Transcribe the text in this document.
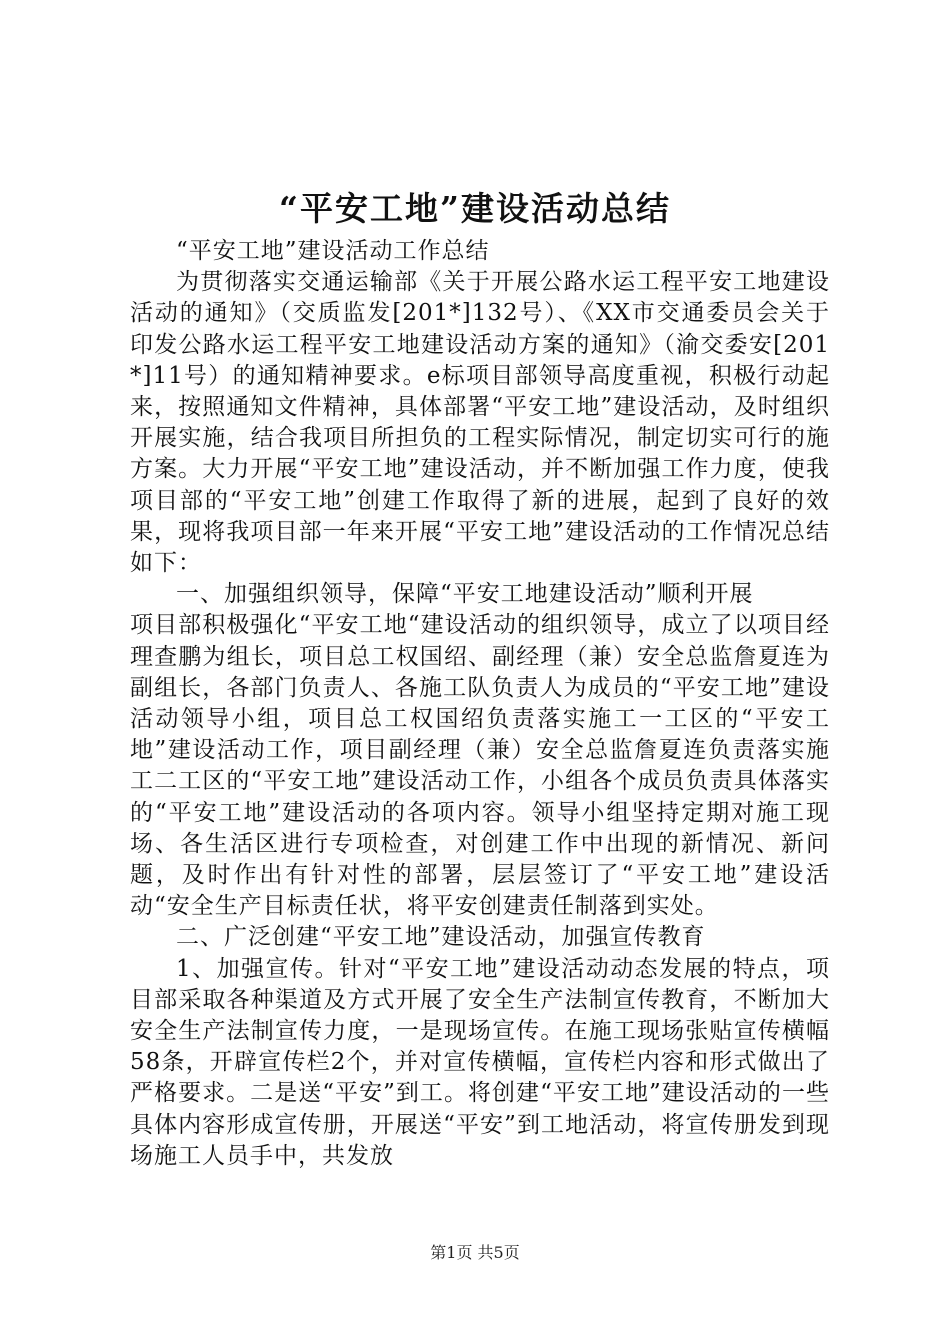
“平安工地”建设活动总结

“平安工地”建设活动工作总结

为贯彻落实交通运输部《关于开展公路水运工程平安工地建设活动的通知》（交质监发[201*]132号）、《XX市交通委员会关于印发公路水运工程平安工地建设活动方案的通知》（渝交委安[201*]11号）的通知精神要求。e标项目部领导高度重视，积极行动起来，按照通知文件精神，具体部署“平安工地”建设活动，及时组织开展实施，结合我项目所担负的工程实际情况，制定切实可行的施方案。大力开展“平安工地”建设活动，并不断加强工作力度，使我项目部的“平安工地”创建工作取得了新的进展，起到了良好的效果，现将我项目部一年来开展“平安工地”建设活动的工作情况总结如下：

一、加强组织领导，保障“平安工地建设活动”顺利开展

项目部积极强化“平安工地“建设活动的组织领导，成立了以项目经理查鹏为组长，项目总工权国绍、副经理（兼）安全总监詹夏连为副组长，各部门负责人、各施工队负责人为成员的“平安工地”建设活动领导小组，项目总工权国绍负责落实施工一工区的“平安工地”建设活动工作，项目副经理（兼）安全总监詹夏连负责落实施工二工区的“平安工地”建设活动工作，小组各个成员负责具体落实的“平安工地”建设活动的各项内容。领导小组坚持定期对施工现场、各生活区进行专项检查，对创建工作中出现的新情况、新问题，及时作出有针对性的部署，层层签订了“平安工地”建设活动“安全生产目标责任状，将平安创建责任制落到实处。

二、广泛创建“平安工地”建设活动，加强宣传教育

1、加强宣传。针对“平安工地”建设活动动态发展的特点，项目部采取各种渠道及方式开展了安全生产法制宣传教育，不断加大安全生产法制宣传力度，一是现场宣传。在施工现场张贴宣传横幅58条，开辟宣传栏2个，并对宣传横幅，宣传栏内容和形式做出了严格要求。二是送“平安”到工。将创建“平安工地”建设活动的一些具体内容形成宣传册，开展送“平安”到工地活动，将宣传册发到现场施工人员手中，共发放

第1页 共5页
